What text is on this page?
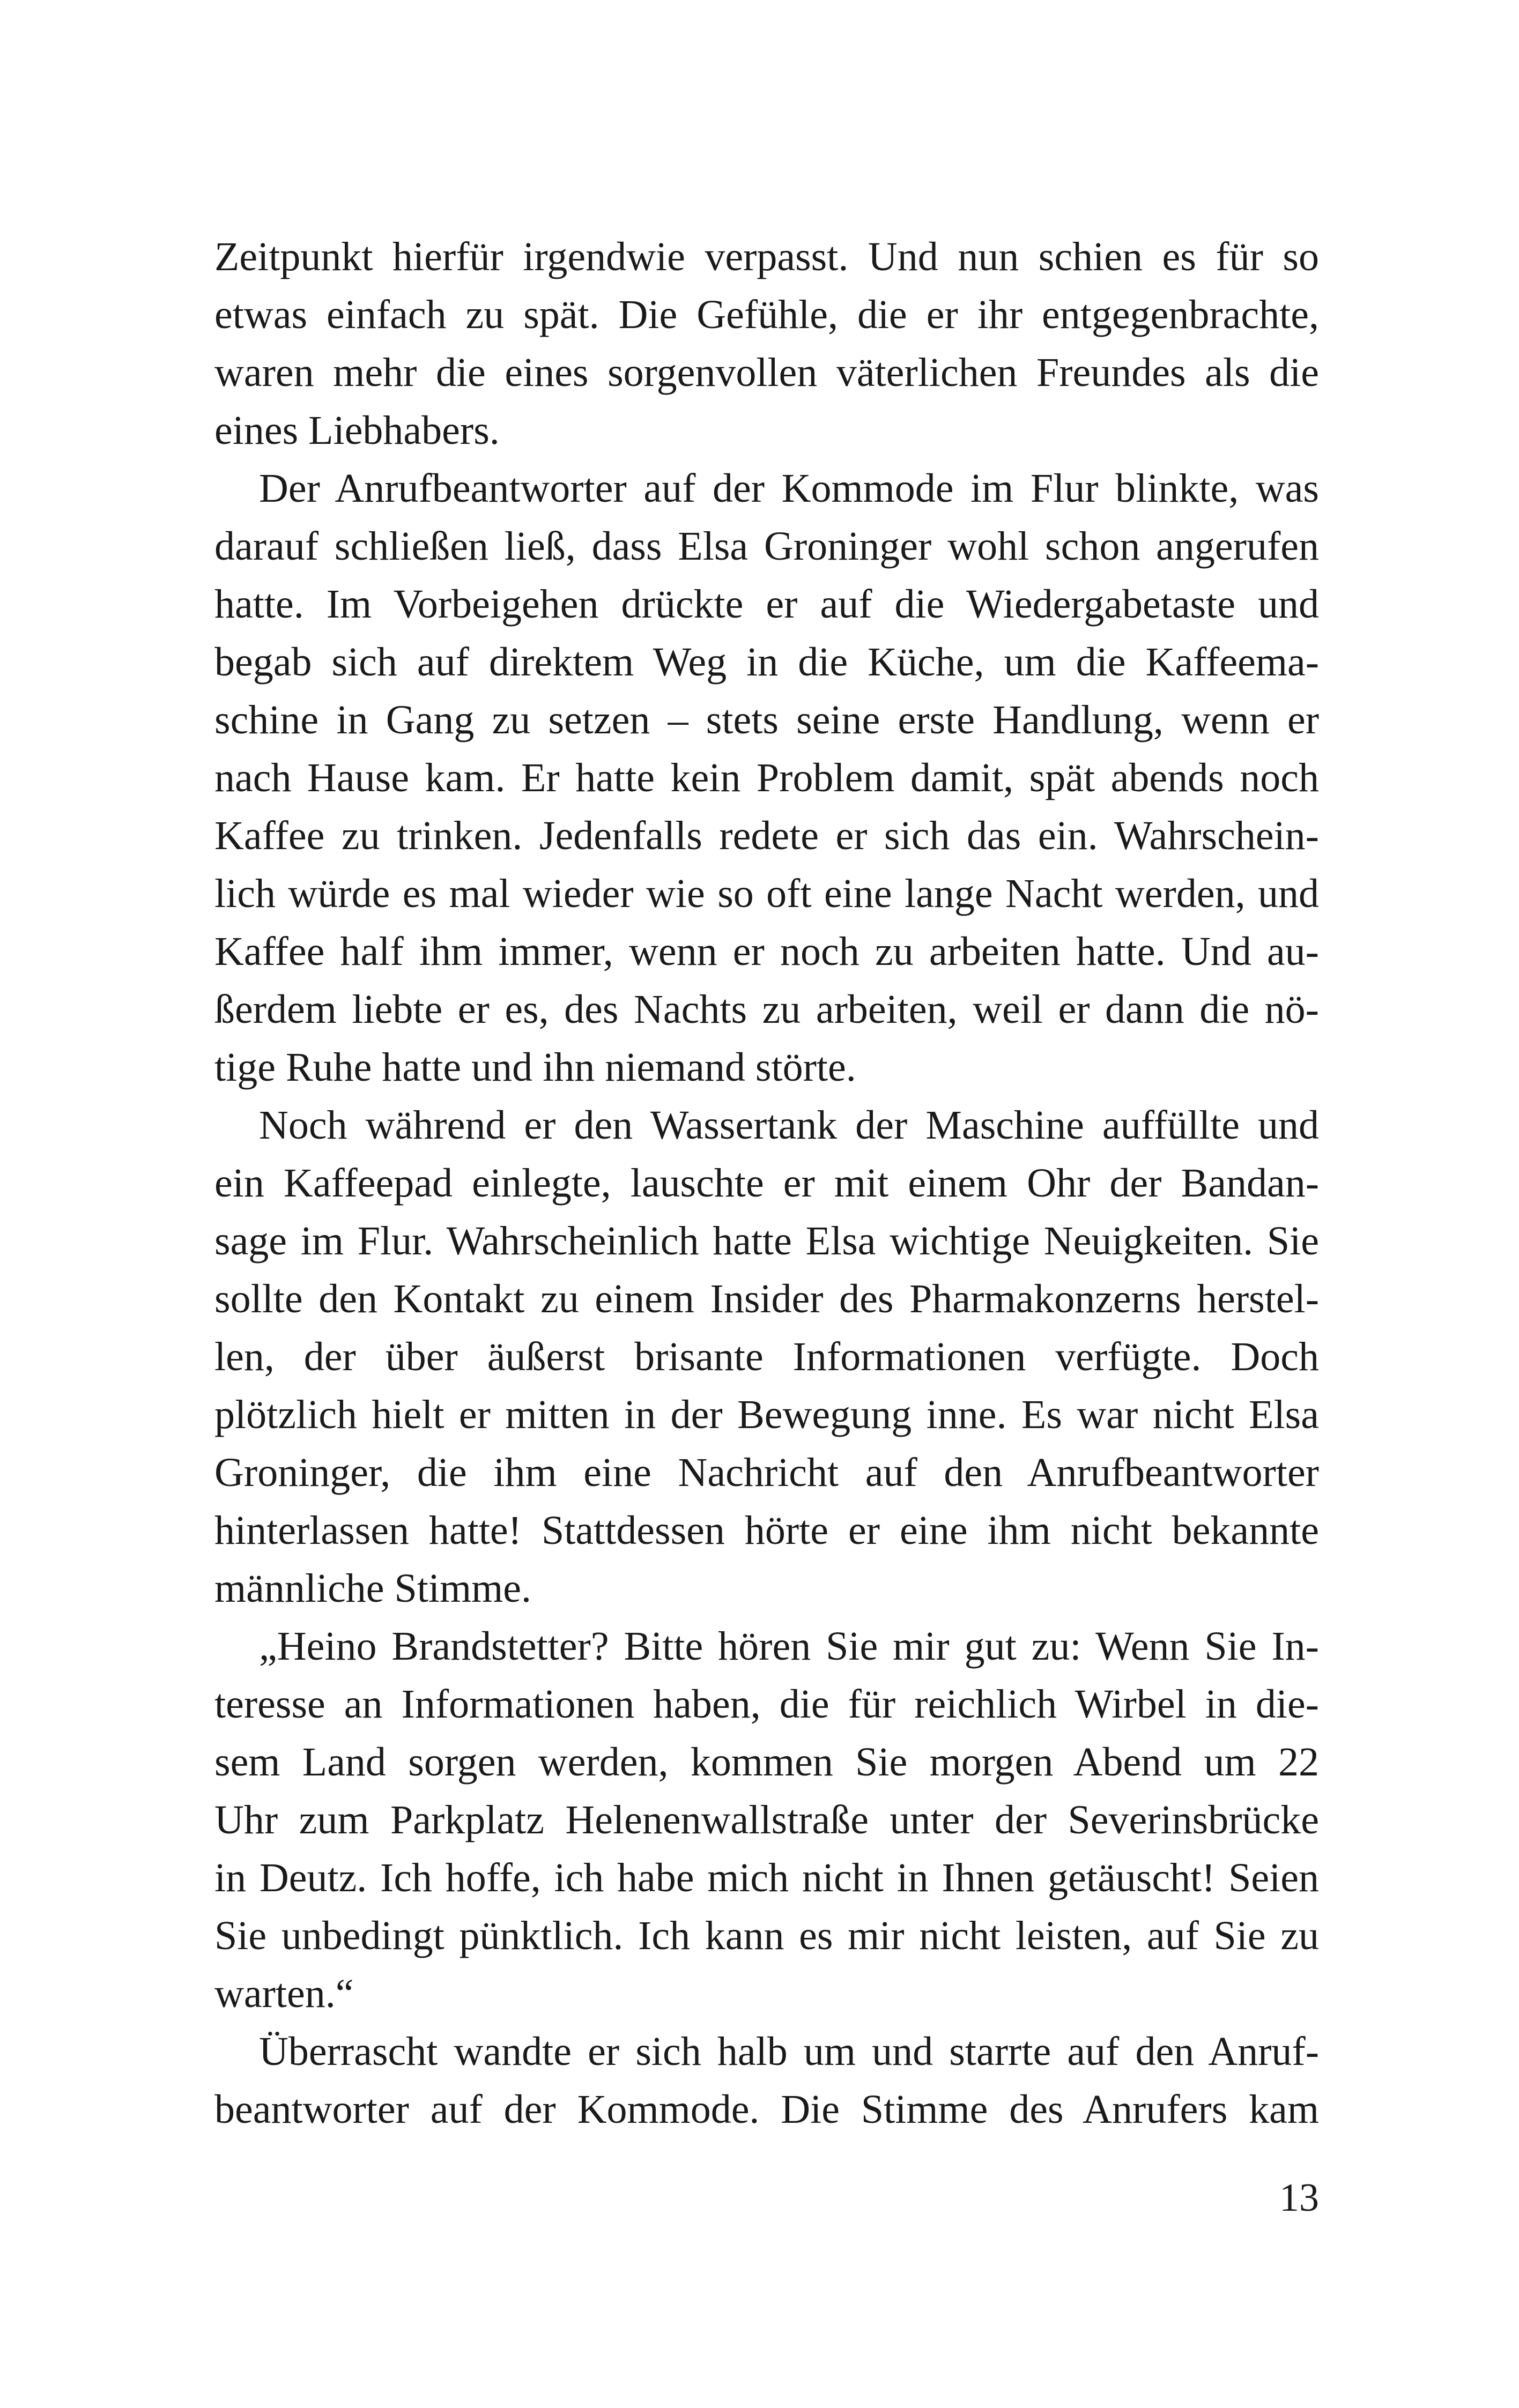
Zeitpunkt hierfür irgendwie verpasst. Und nun schien es für so
etwas einfach zu spät. Die Gefühle, die er ihr entgegenbrachte,
waren mehr die eines sorgenvollen väterlichen Freundes als die
eines Liebhabers.
Der Anrufbeantworter auf der Kommode im Flur blinkte, was
darauf schließen ließ, dass Elsa Groninger wohl schon angerufen
hatte. Im Vorbeigehen drückte er auf die Wiedergabetaste und
begab sich auf direktem Weg in die Küche, um die Kaffeema-
schine in Gang zu setzen – stets seine erste Handlung, wenn er
nach Hause kam. Er hatte kein Problem damit, spät abends noch
Kaffee zu trinken. Jedenfalls redete er sich das ein. Wahrschein-
lich würde es mal wieder wie so oft eine lange Nacht werden, und
Kaffee half ihm immer, wenn er noch zu arbeiten hatte. Und au-
ßerdem liebte er es, des Nachts zu arbeiten, weil er dann die nö-
tige Ruhe hatte und ihn niemand störte.
Noch während er den Wassertank der Maschine auffüllte und
ein Kaffeepad einlegte, lauschte er mit einem Ohr der Bandan-
sage im Flur. Wahrscheinlich hatte Elsa wichtige Neuigkeiten. Sie
sollte den Kontakt zu einem Insider des Pharmakonzerns herstel-
len, der über äußerst brisante Informationen verfügte. Doch
plötzlich hielt er mitten in der Bewegung inne. Es war nicht Elsa
Groninger, die ihm eine Nachricht auf den Anrufbeantworter
hinterlassen hatte! Stattdessen hörte er eine ihm nicht bekannte
männliche Stimme.
„Heino Brandstetter? Bitte hören Sie mir gut zu: Wenn Sie In-
teresse an Informationen haben, die für reichlich Wirbel in die-
sem Land sorgen werden, kommen Sie morgen Abend um 22
Uhr zum Parkplatz Helenenwallstraße unter der Severinsbrücke
in Deutz. Ich hoffe, ich habe mich nicht in Ihnen getäuscht! Seien
Sie unbedingt pünktlich. Ich kann es mir nicht leisten, auf Sie zu
warten.“
Überrascht wandte er sich halb um und starrte auf den Anruf-
beantworter auf der Kommode. Die Stimme des Anrufers kam
13
